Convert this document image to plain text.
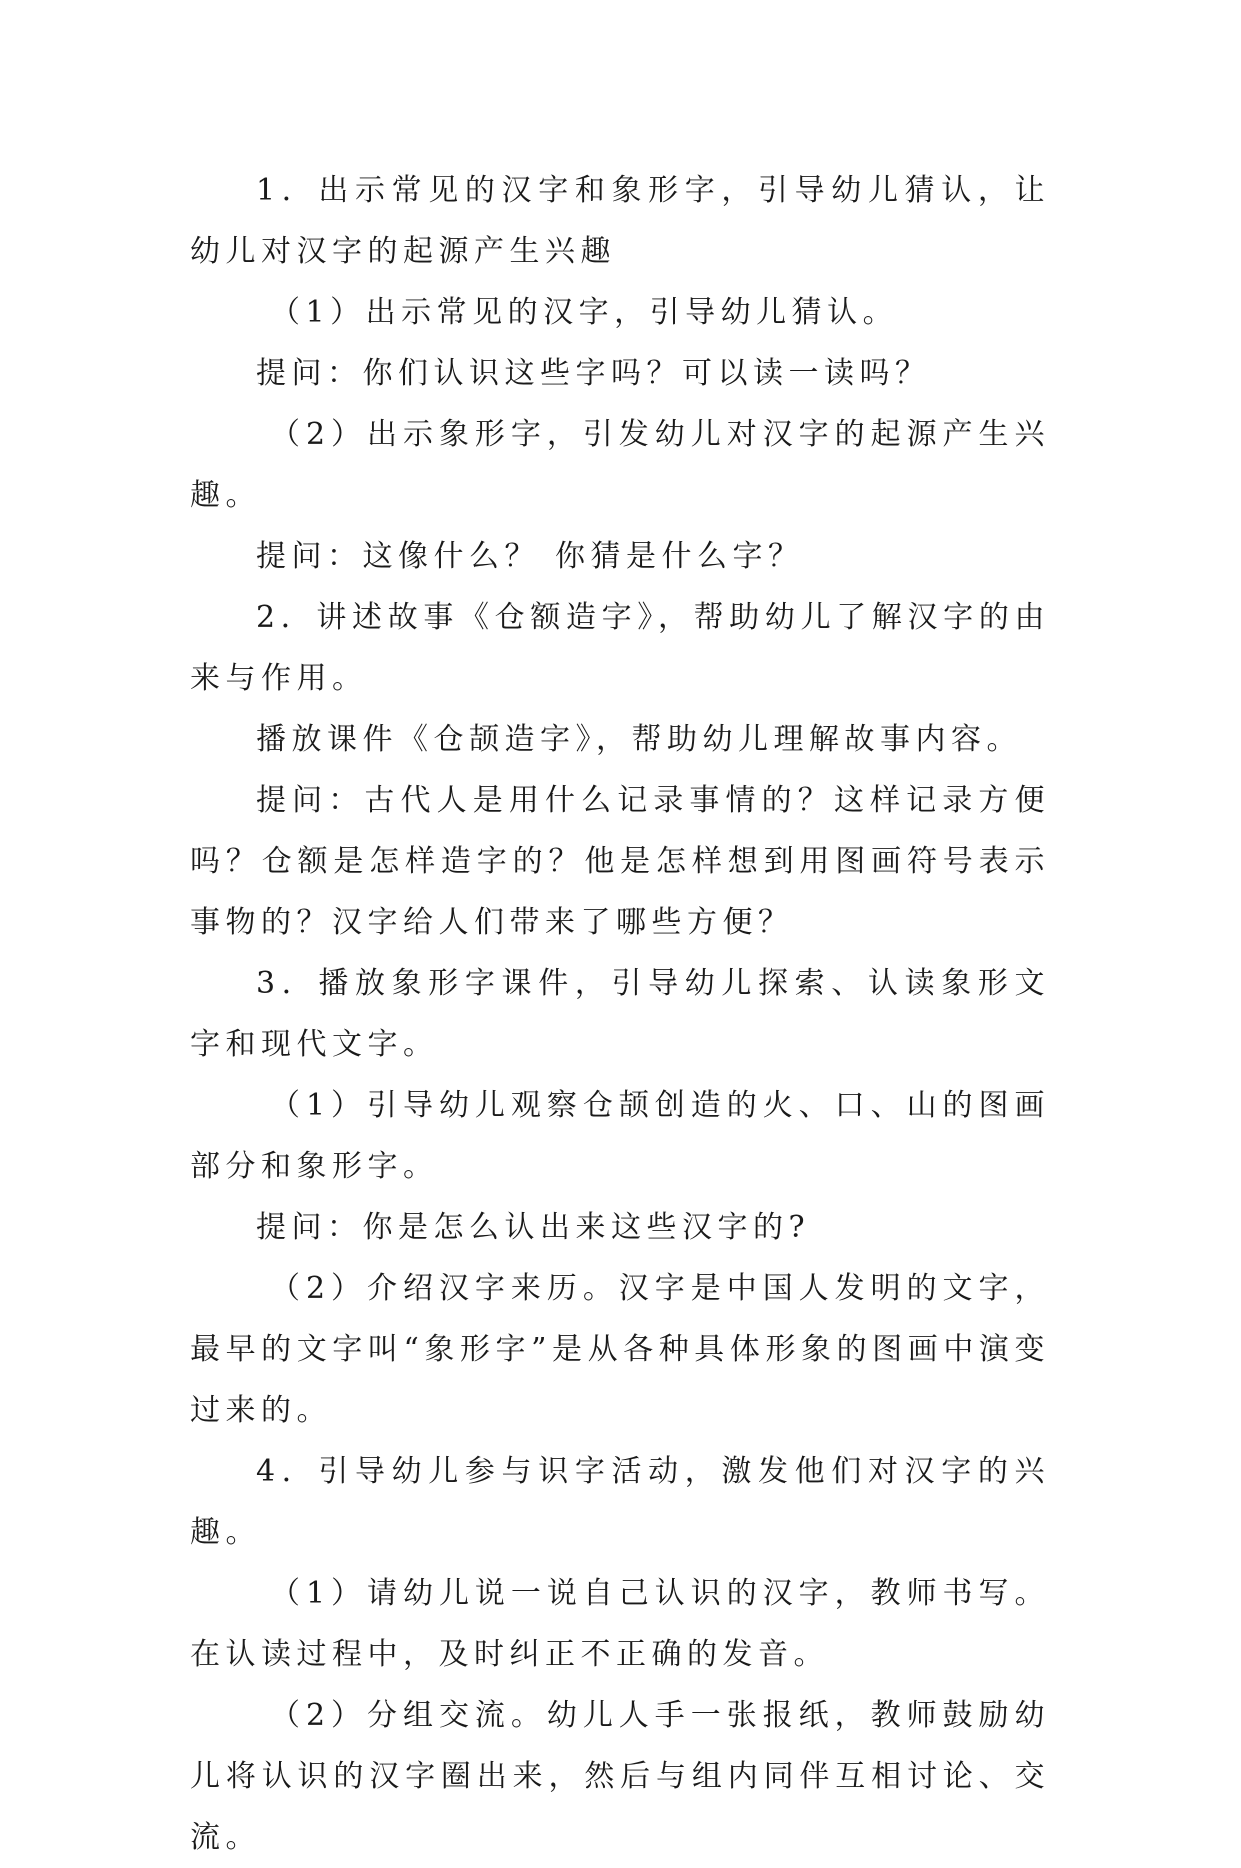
1．出示常见的汉字和象形字，引导幼儿猜认，让幼儿对汉字的起源产生兴趣

（1）出示常见的汉字，引导幼儿猜认。

提问：你们认识这些字吗？可以读一读吗？

（2）出示象形字，引发幼儿对汉字的起源产生兴趣。

提问：这像什么？ 你猜是什么字？

2．讲述故事《仓额造字》，帮助幼儿了解汉字的由来与作用。

播放课件《仓颉造字》，帮助幼儿理解故事内容。

提问：古代人是用什么记录事情的？这样记录方便吗？仓额是怎样造字的？他是怎样想到用图画符号表示事物的？汉字给人们带来了哪些方便？

3．播放象形字课件，引导幼儿探索、认读象形文字和现代文字。

（1）引导幼儿观察仓颉创造的火、口、山的图画部分和象形字。

提问：你是怎么认出来这些汉字的?

（2）介绍汉字来历。汉字是中国人发明的文字，最早的文字叫“象形字”是从各种具体形象的图画中演变过来的。

4．引导幼儿参与识字活动，激发他们对汉字的兴趣。

（1）请幼儿说一说自己认识的汉字，教师书写。在认读过程中，及时纠正不正确的发音。

（2）分组交流。幼儿人手一张报纸，教师鼓励幼儿将认识的汉字圈出来，然后与组内同伴互相讨论、交流。
